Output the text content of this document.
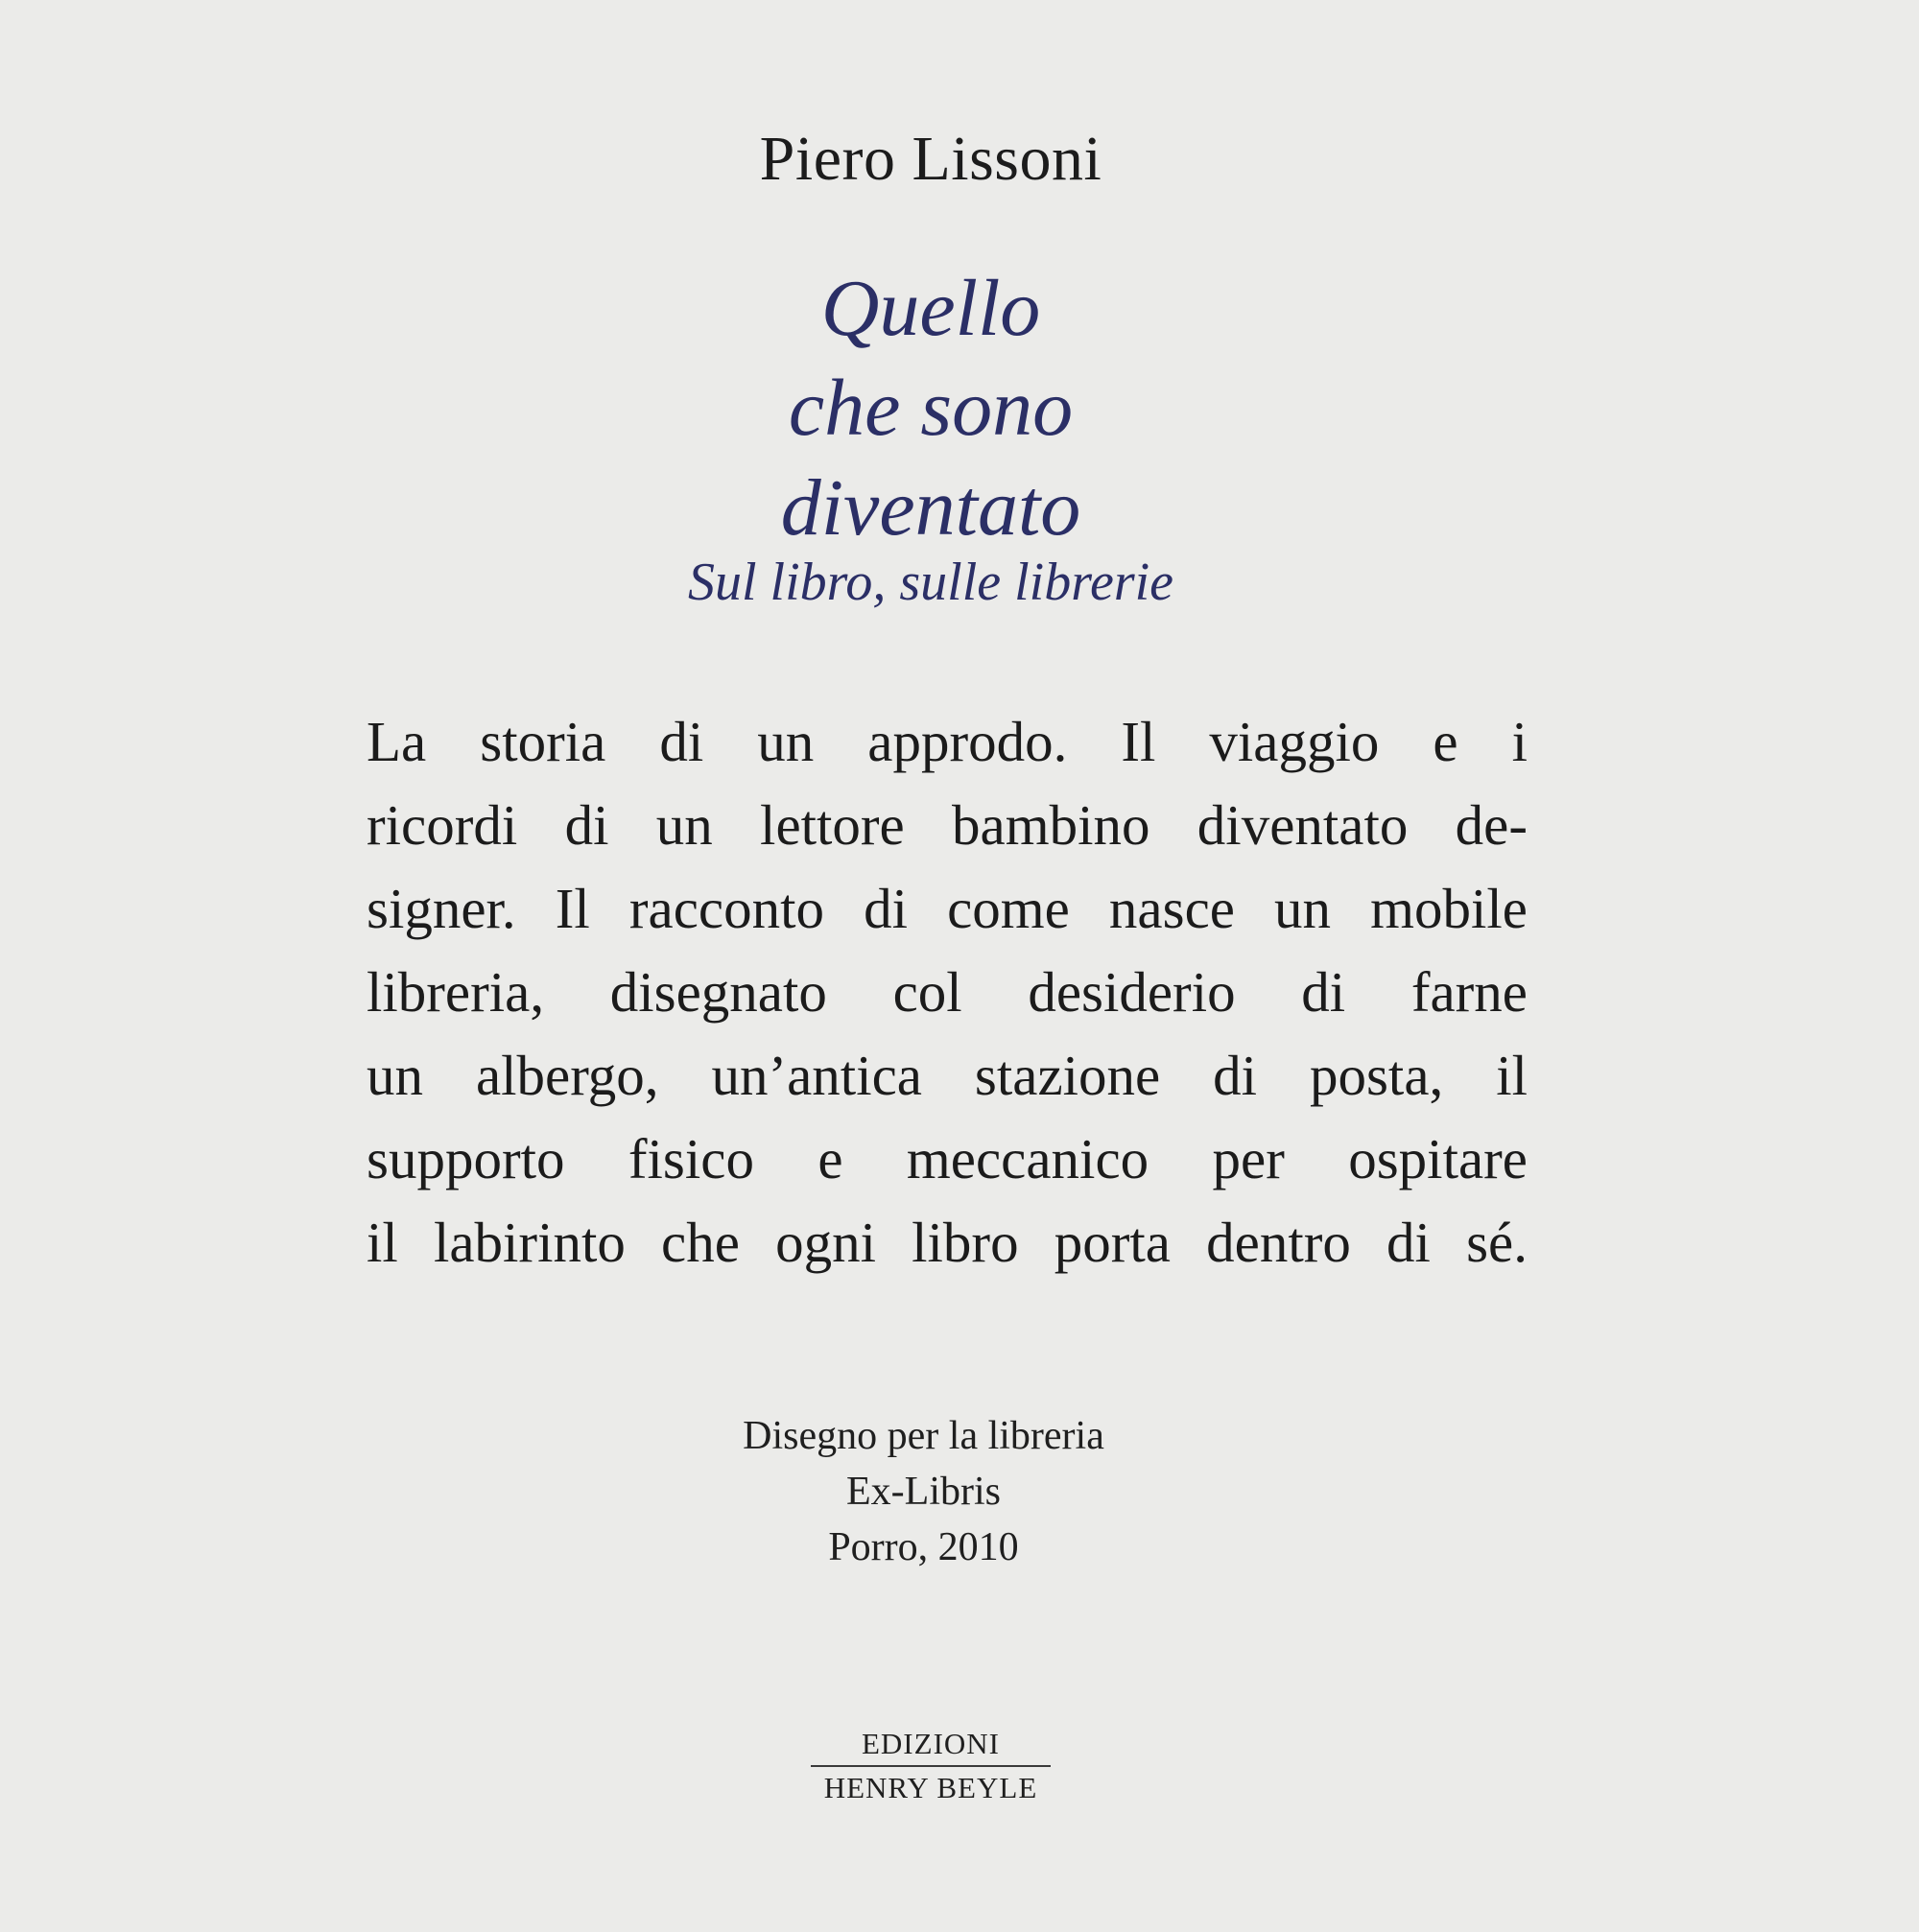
Piero Lissoni
Quello
che sono
diventato
Sul libro, sulle librerie
La storia di un approdo. Il viaggio e i
ricordi di un lettore bambino diventato de-
signer. Il racconto di come nasce un mobile
libreria, disegnato col desiderio di farne
un albergo, un’antica stazione di posta, il
supporto fisico e meccanico per ospitare
il labirinto che ogni libro porta dentro di sé.
Disegno per la libreria
Ex-Libris
Porro, 2010
EDIZIONI
HENRY BEYLE
